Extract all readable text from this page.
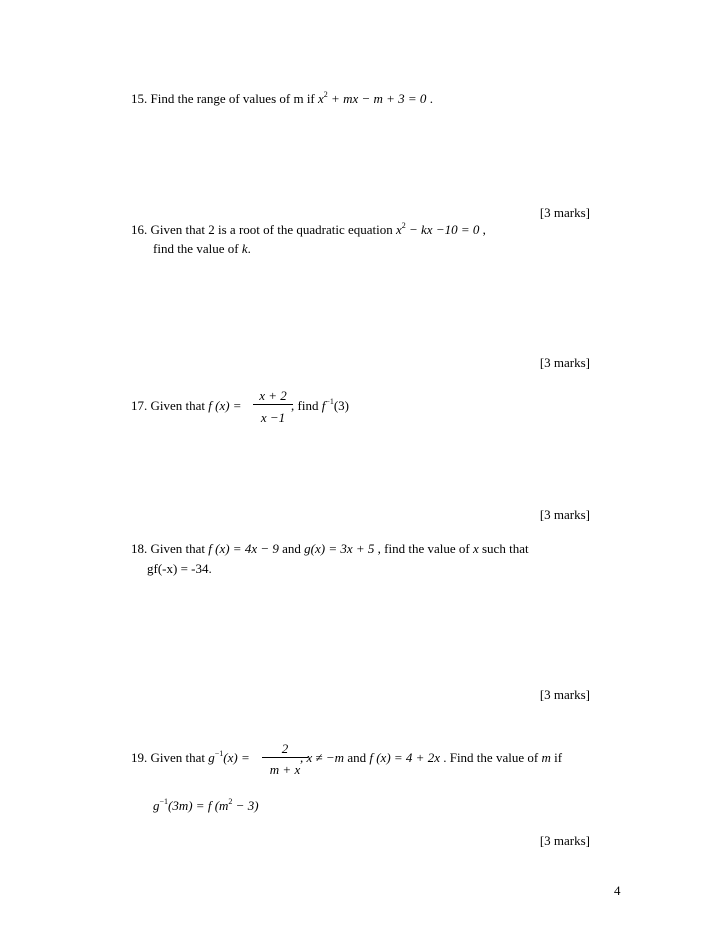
15. Find the range of values of m if $x^2$ + mx − m + 3 = 0 .
[3 marks]
16. Given that 2 is a root of the quadratic equation $x^2$ − kx −10 = 0 ,
find the value of k.
[3 marks]
17. Given that f (x) =
x + 2
x −1
, find $f^{-1}(3)$
[3 marks]
18. Given that f (x) = 4x − 9 and g(x) = 3x + 5 , find the value of x such that
gf(-x) = -34.
[3 marks]
19. Given that $g^{-1}(x)$ =
2
m + x
, x ≠ −m and f (x) = 4 + 2x . Find the value of m if
$g^{-1}(3m) = f$ $(m^2 - 3)$
[3 marks]
4
